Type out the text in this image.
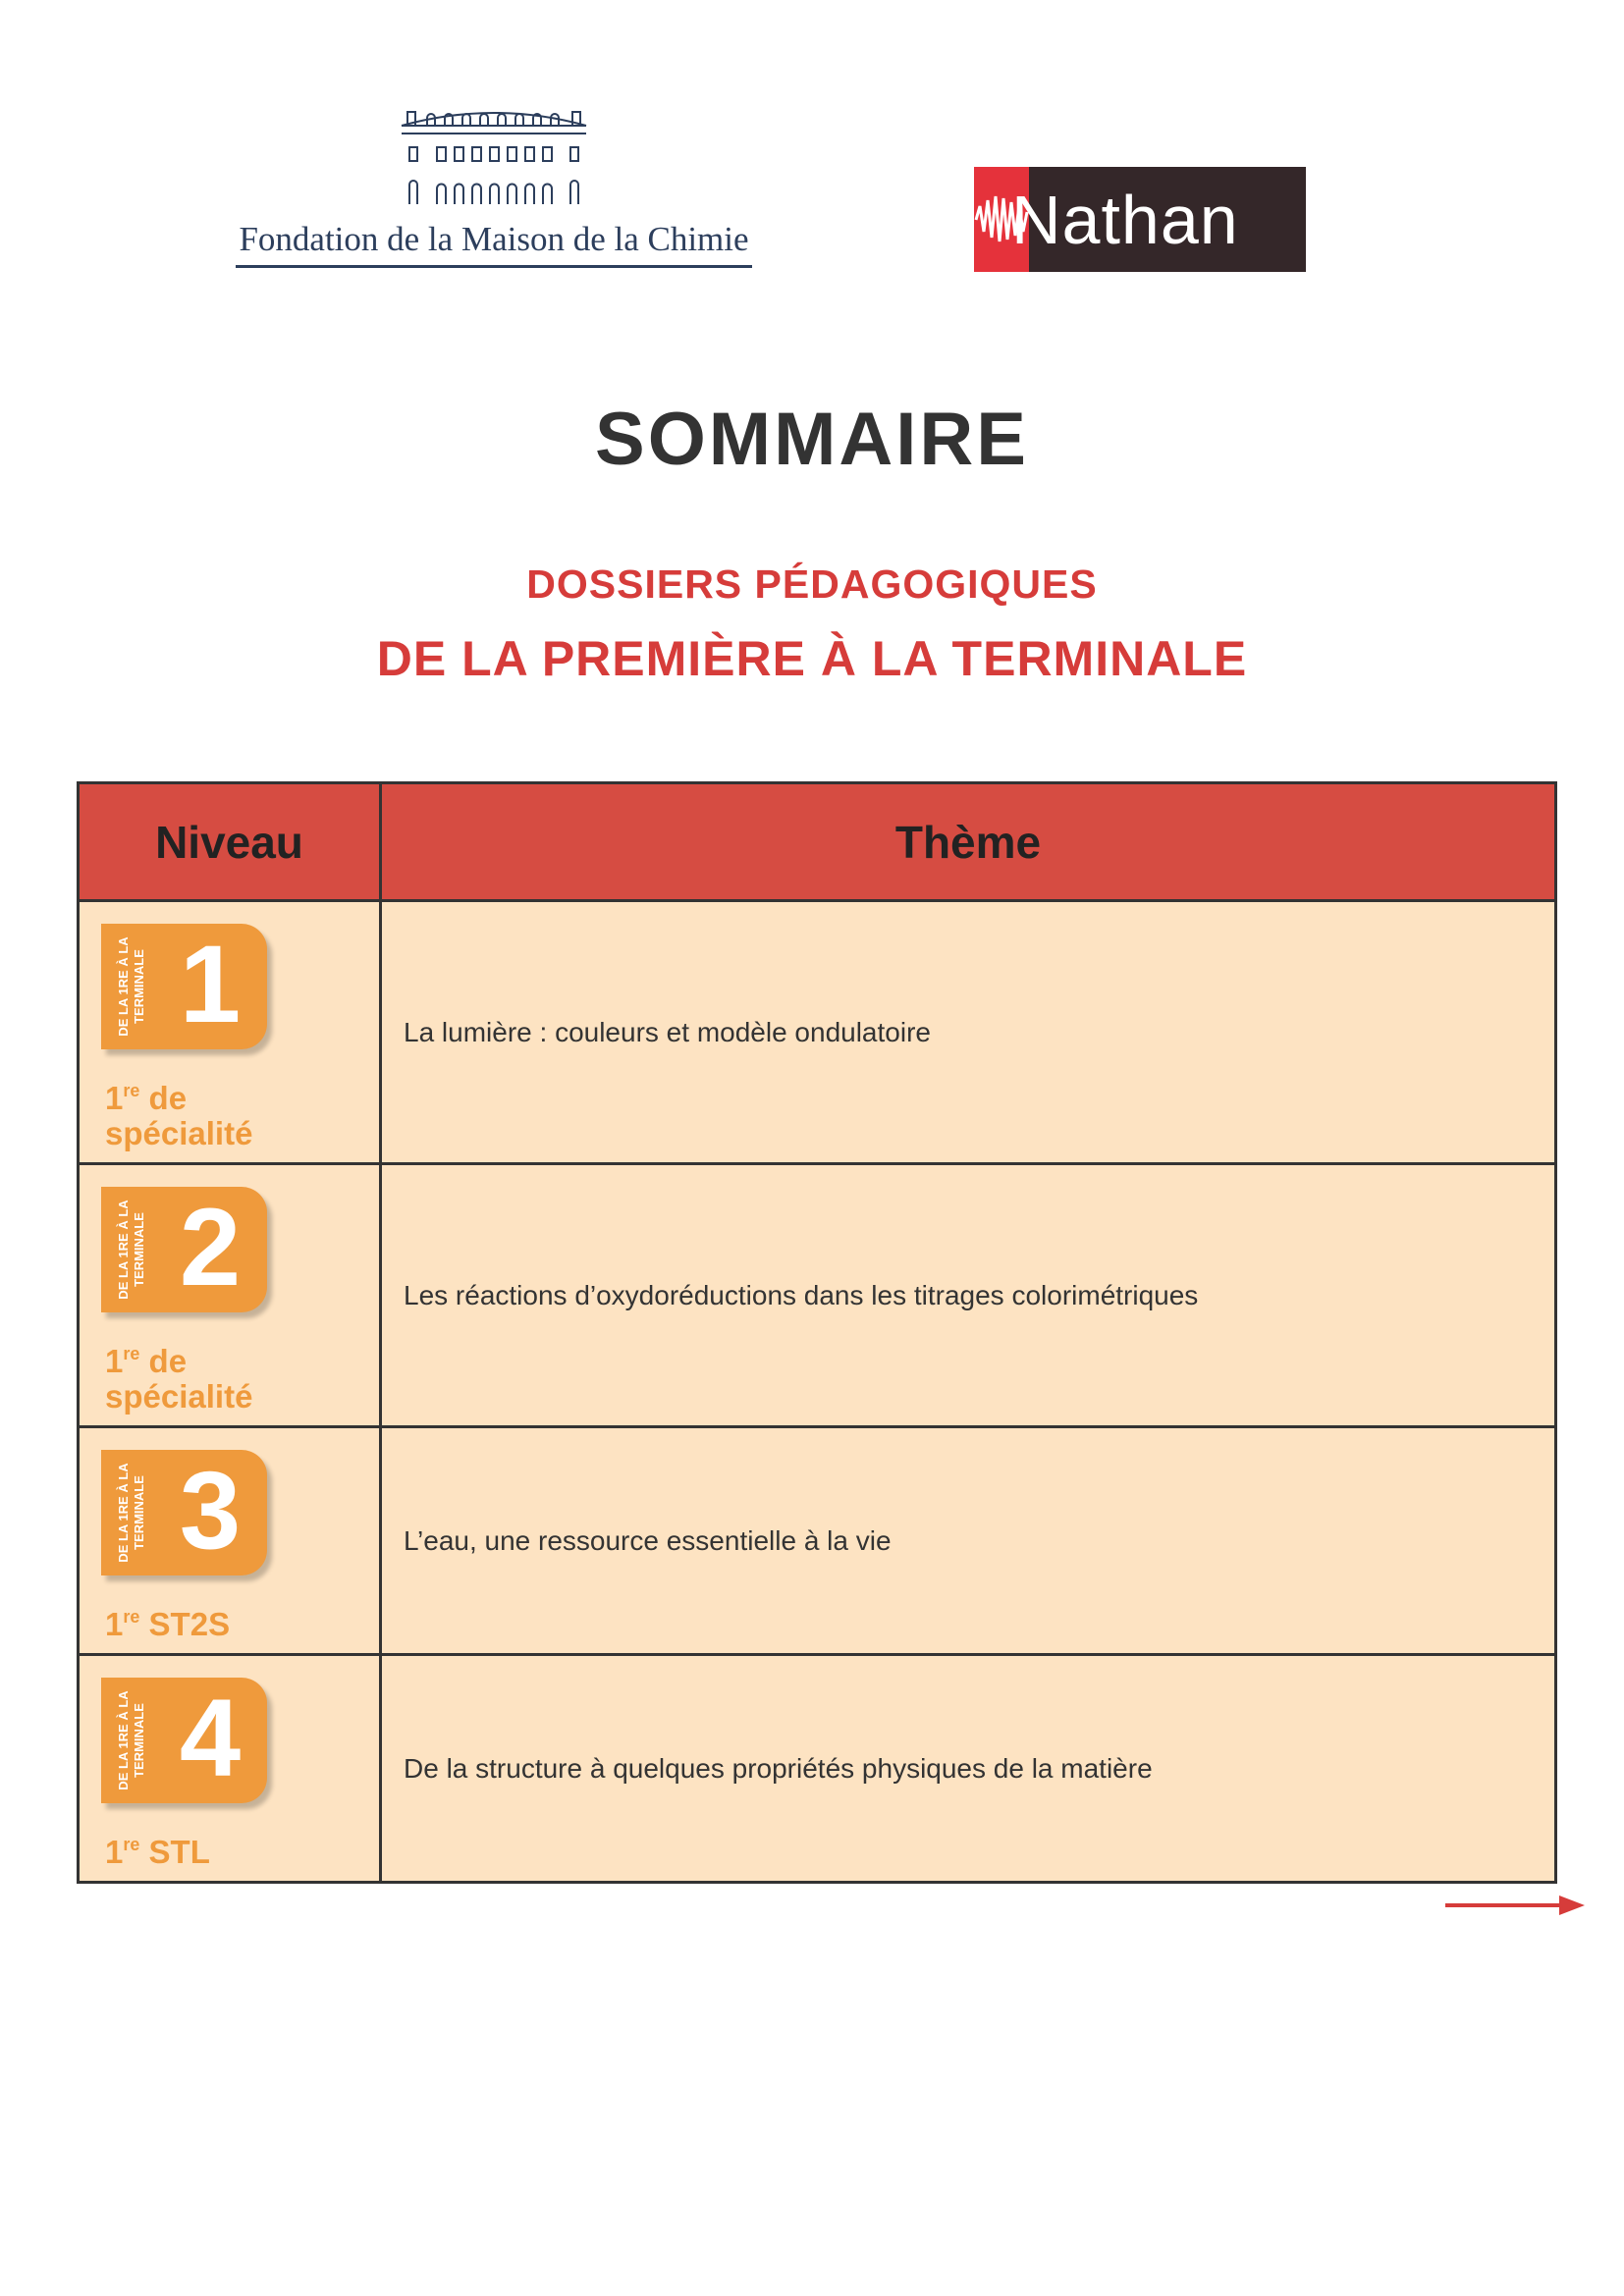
Fondation de la Maison de la Chimie	Nathan
SOMMAIRE
DOSSIERS PÉDAGOGIQUES
DE LA PREMIÈRE À LA TERMINALE
Niveau	Thème

DE LA 1RE À LA TERMINALE 1
1re de
spécialité	La lumière : couleurs et modèle ondulatoire

DE LA 1RE À LA TERMINALE 2
1re de
spécialité	Les réactions d’oxydoréductions dans les titrages colorimétriques

DE LA 1RE À LA TERMINALE 3
1re ST2S	L’eau, une ressource essentielle à la vie

DE LA 1RE À LA TERMINALE 4
1re STL	De la structure à quelques propriétés physiques de la matière
